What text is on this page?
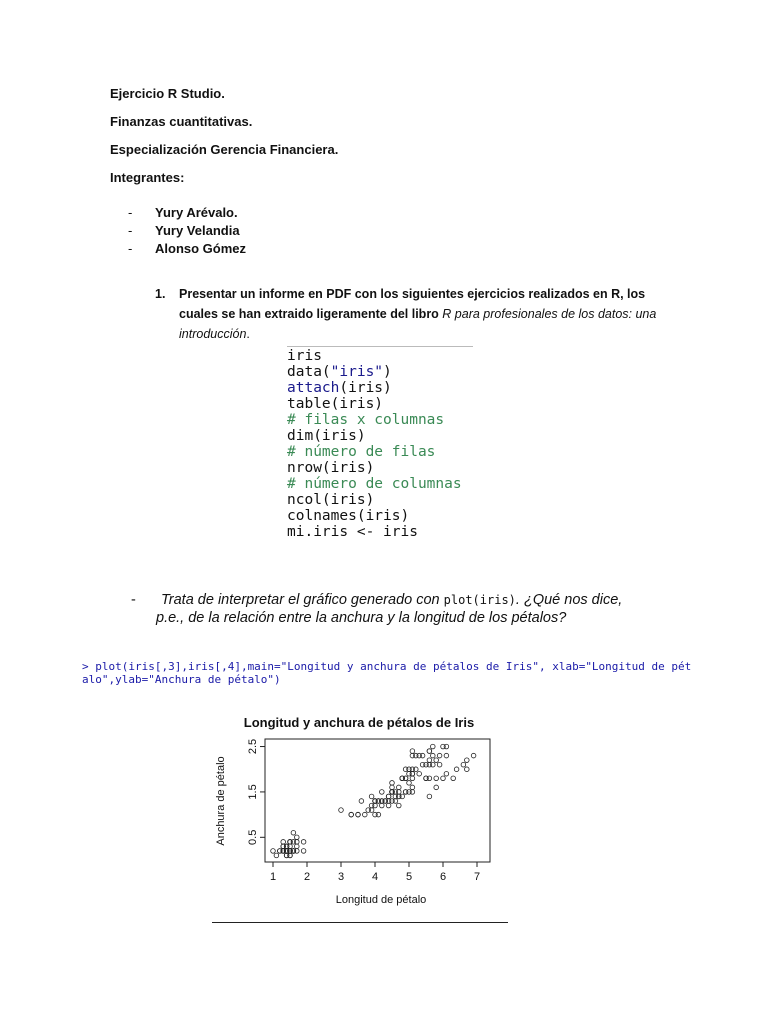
Ejercicio R Studio.
Finanzas cuantitativas.
Especialización Gerencia Financiera.
Integrantes:
- Yury Arévalo.
- Yury Velandia
- Alonso Gómez
1. Presentar un informe en PDF con los siguientes ejercicios realizados en R, los cuales se han extraido ligeramente del libro R para profesionales de los datos: una introducción.
iris
data("iris")
attach(iris)
table(iris)
# filas x columnas
dim(iris)
# número de filas
nrow(iris)
# número de columnas
ncol(iris)
colnames(iris)
mi.iris <- iris
- Trata de interpretar el gráfico generado con plot(iris). ¿Qué nos dice,
p.e., de la relación entre la anchura y la longitud de los pétalos?
> plot(iris[,3],iris[,4],main="Longitud y anchura de pétalos de Iris", xlab="Longitud de pétalo",ylab="Anchura de pétalo")
Longitud y anchura de pétalos de Iris
0.5
1.5
2.5
1	2	3	4	5	6	7
Longitud de pétalo
Anchura de pétalo
